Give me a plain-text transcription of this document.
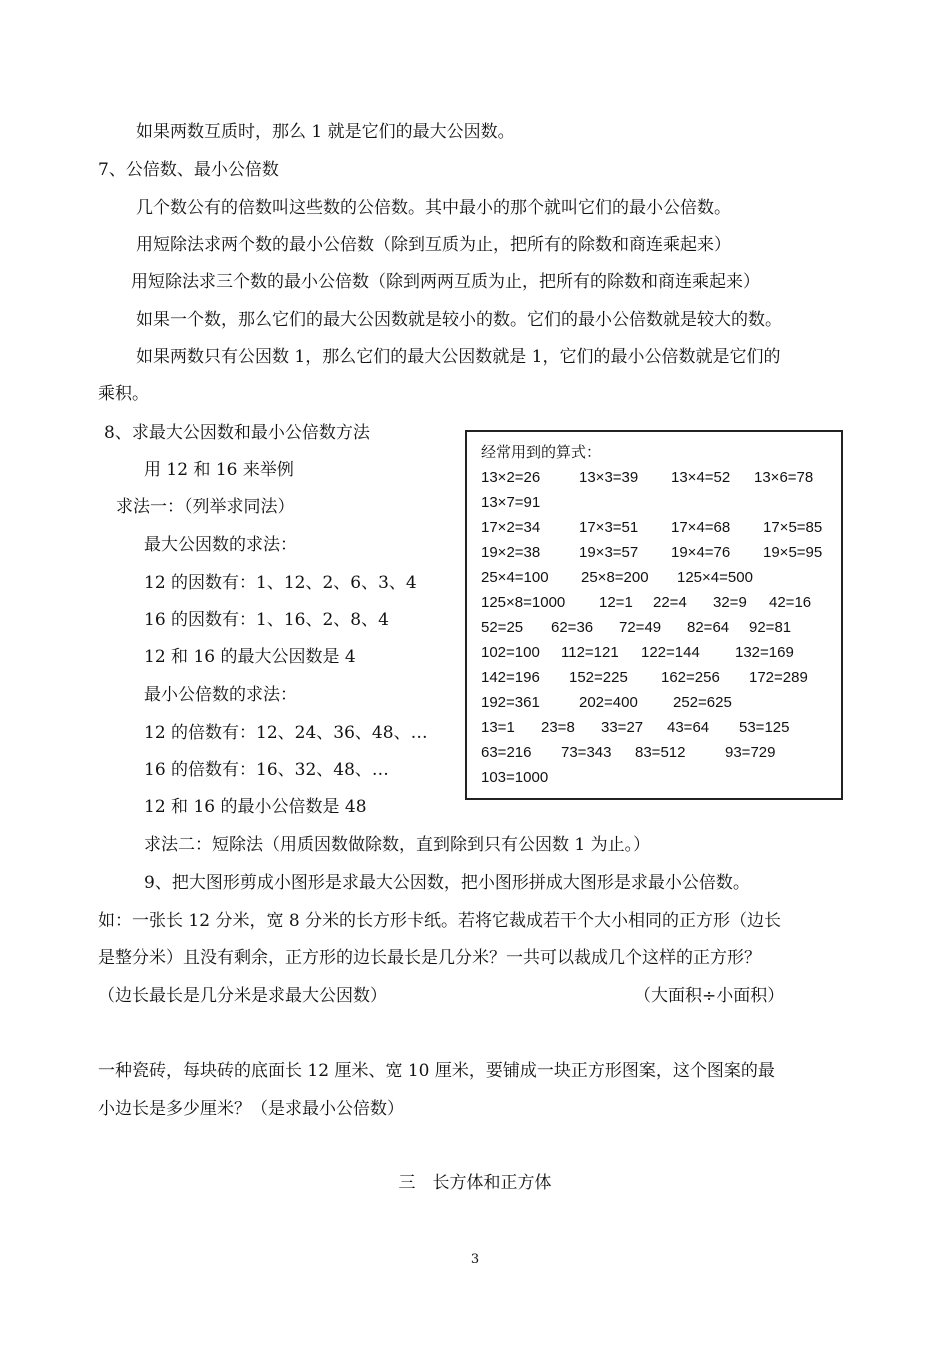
如果两数互质时，那么 1 就是它们的最大公因数。
7、公倍数、最小公倍数
几个数公有的倍数叫这些数的公倍数。其中最小的那个就叫它们的最小公倍数。
用短除法求两个数的最小公倍数（除到互质为止，把所有的除数和商连乘起来）
用短除法求三个数的最小公倍数（除到两两互质为止，把所有的除数和商连乘起来）
如果一个数，那么它们的最大公因数就是较小的数。它们的最小公倍数就是较大的数。
如果两数只有公因数 1，那么它们的最大公因数就是 1，它们的最小公倍数就是它们的
乘积。
8、求最大公因数和最小公倍数方法
用 12 和 16 来举例
求法一：（列举求同法）
最大公因数的求法：
12 的因数有：1、12、2、6、3、4
16 的因数有：1、16、2、8、4
12 和 16 的最大公因数是 4
最小公倍数的求法：
12 的倍数有：12、24、36、48、…
16 的倍数有：16、32、48、…
12 和 16 的最小公倍数是 48
经常用到的算式：
13×2=26	13×3=39 13×4=52 13×6=78
13×7=91
17×2=34	17×3=51 17×4=68 17×5=85
19×2=38	19×3=57 19×4=76 19×5=95
25×4=100 25×8=200 125×4=500
125×8=1000 12=1 22=4 32=9 42=16
52=25 62=36 72=49 82=64 92=81
102=100 112=121 122=144 132=169
142=196 152=225 162=256 172=289
192=361	202=400 252=625
13=1 23=8 33=27 43=64 53=125
63=216 73=343 83=512	93=729
103=1000
求法二：短除法（用质因数做除数，直到除到只有公因数 1 为止。）
9、把大图形剪成小图形是求最大公因数，把小图形拼成大图形是求最小公倍数。
如：一张长 12 分米，宽 8 分米的长方形卡纸。若将它裁成若干个大小相同的正方形（边长
是整分米）且没有剩余，正方形的边长最长是几分米？一共可以裁成几个这样的正方形？
（边长最长是几分米是求最大公因数）	（大面积÷小面积）
一种瓷砖，每块砖的底面长 12 厘米、宽 10 厘米，要铺成一块正方形图案，这个图案的最
小边长是多少厘米？（是求最小公倍数）
三　长方体和正方体
3
